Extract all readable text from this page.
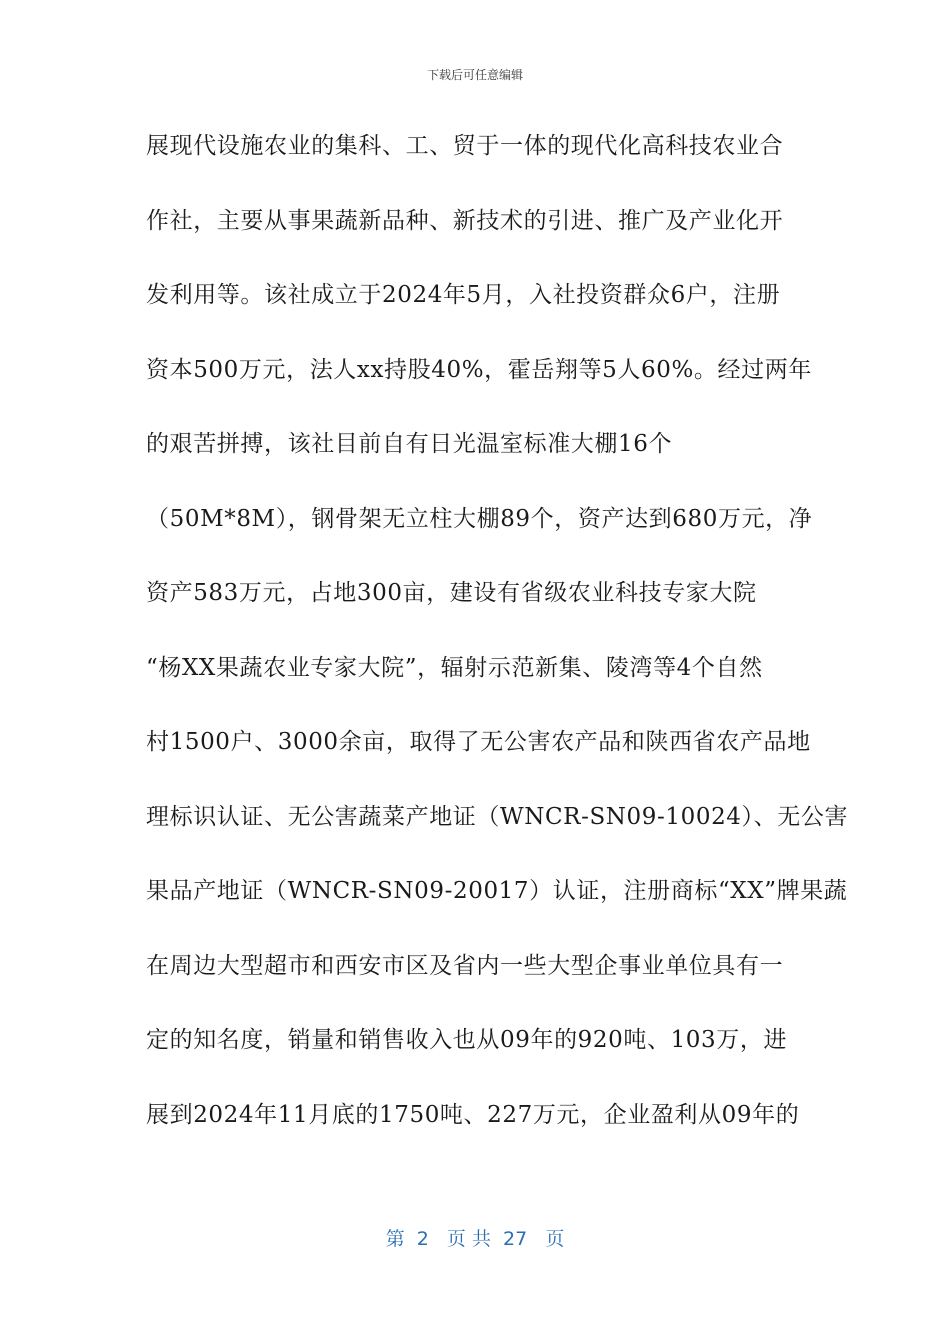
下载后可任意编辑
展现代设施农业的集科、工、贸于一体的现代化高科技农业合
作社，主要从事果蔬新品种、新技术的引进、推广及产业化开
发利用等。该社成立于2024年5月，入社投资群众6户，注册
资本500万元，法人xx持股40%，霍岳翔等5人60%。经过两年
的艰苦拼搏，该社目前自有日光温室标准大棚16个
（50M*8M），钢骨架无立柱大棚89个，资产达到680万元，净
资产583万元，占地300亩，建设有省级农业科技专家大院
“杨XX果蔬农业专家大院”，辐射示范新集、陵湾等4个自然
村1500户、3000余亩，取得了无公害农产品和陕西省农产品地
理标识认证、无公害蔬菜产地证（WNCR-SN09-10024）、无公害
果品产地证（WNCR-SN09-20017）认证，注册商标“XX”牌果蔬
在周边大型超市和西安市区及省内一些大型企事业单位具有一
定的知名度，销量和销售收入也从09年的920吨、103万，进
展到2024年11月底的1750吨、227万元，企业盈利从09年的
第  2   页 共  27   页
